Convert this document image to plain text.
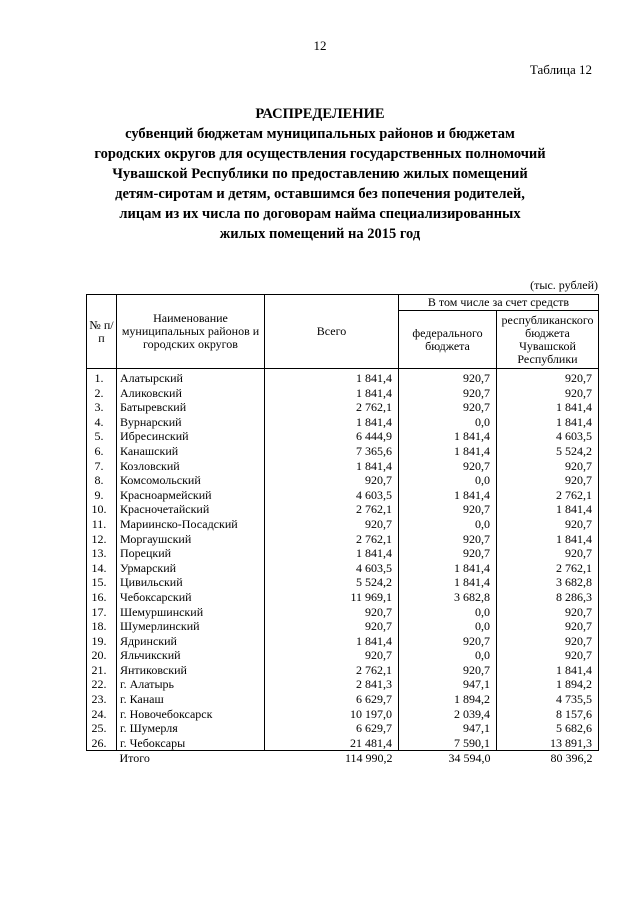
12
Таблица 12
РАСПРЕДЕЛЕНИЕ
субвенций бюджетам муниципальных районов и бюджетам
городских округов для осуществления государственных полномочий
Чувашской Республики по предоставлению жилых помещений
детям-сиротам и детям, оставшимся без попечения родителей,
лицам из их числа по договорам найма специализированных
жилых помещений на 2015 год
(тыс. рублей)
№ п/п	Наименование муниципальных районов и городских округов	Всего	В том числе за счет средств	
			федерального бюджета	республиканского бюджета Чувашской Республики
1.	Алатырский	1 841,4	920,7	920,7
2.	Аликовский	1 841,4	920,7	920,7
3.	Батыревский	2 762,1	920,7	1 841,4
4.	Вурнарский	1 841,4	0,0	1 841,4
5.	Ибресинский	6 444,9	1 841,4	4 603,5
6.	Канашский	7 365,6	1 841,4	5 524,2
7.	Козловский	1 841,4	920,7	920,7
8.	Комсомольский	920,7	0,0	920,7
9.	Красноармейский	4 603,5	1 841,4	2 762,1
10.	Красночетайский	2 762,1	920,7	1 841,4
11.	Мариинско-Посадский	920,7	0,0	920,7
12.	Моргаушский	2 762,1	920,7	1 841,4
13.	Порецкий	1 841,4	920,7	920,7
14.	Урмарский	4 603,5	1 841,4	2 762,1
15.	Цивильский	5 524,2	1 841,4	3 682,8
16.	Чебоксарский	11 969,1	3 682,8	8 286,3
17.	Шемуршинский	920,7	0,0	920,7
18.	Шумерлинский	920,7	0,0	920,7
19.	Ядринский	1 841,4	920,7	920,7
20.	Яльчикский	920,7	0,0	920,7
21.	Янтиковский	2 762,1	920,7	1 841,4
22.	г. Алатырь	2 841,3	947,1	1 894,2
23.	г. Канаш	6 629,7	1 894,2	4 735,5
24.	г. Новочебоксарск	10 197,0	2 039,4	8 157,6
25.	г. Шумерля	6 629,7	947,1	5 682,6
26.	г. Чебоксары	21 481,4	7 590,1	13 891,3
	Итого	114 990,2	34 594,0	80 396,2
